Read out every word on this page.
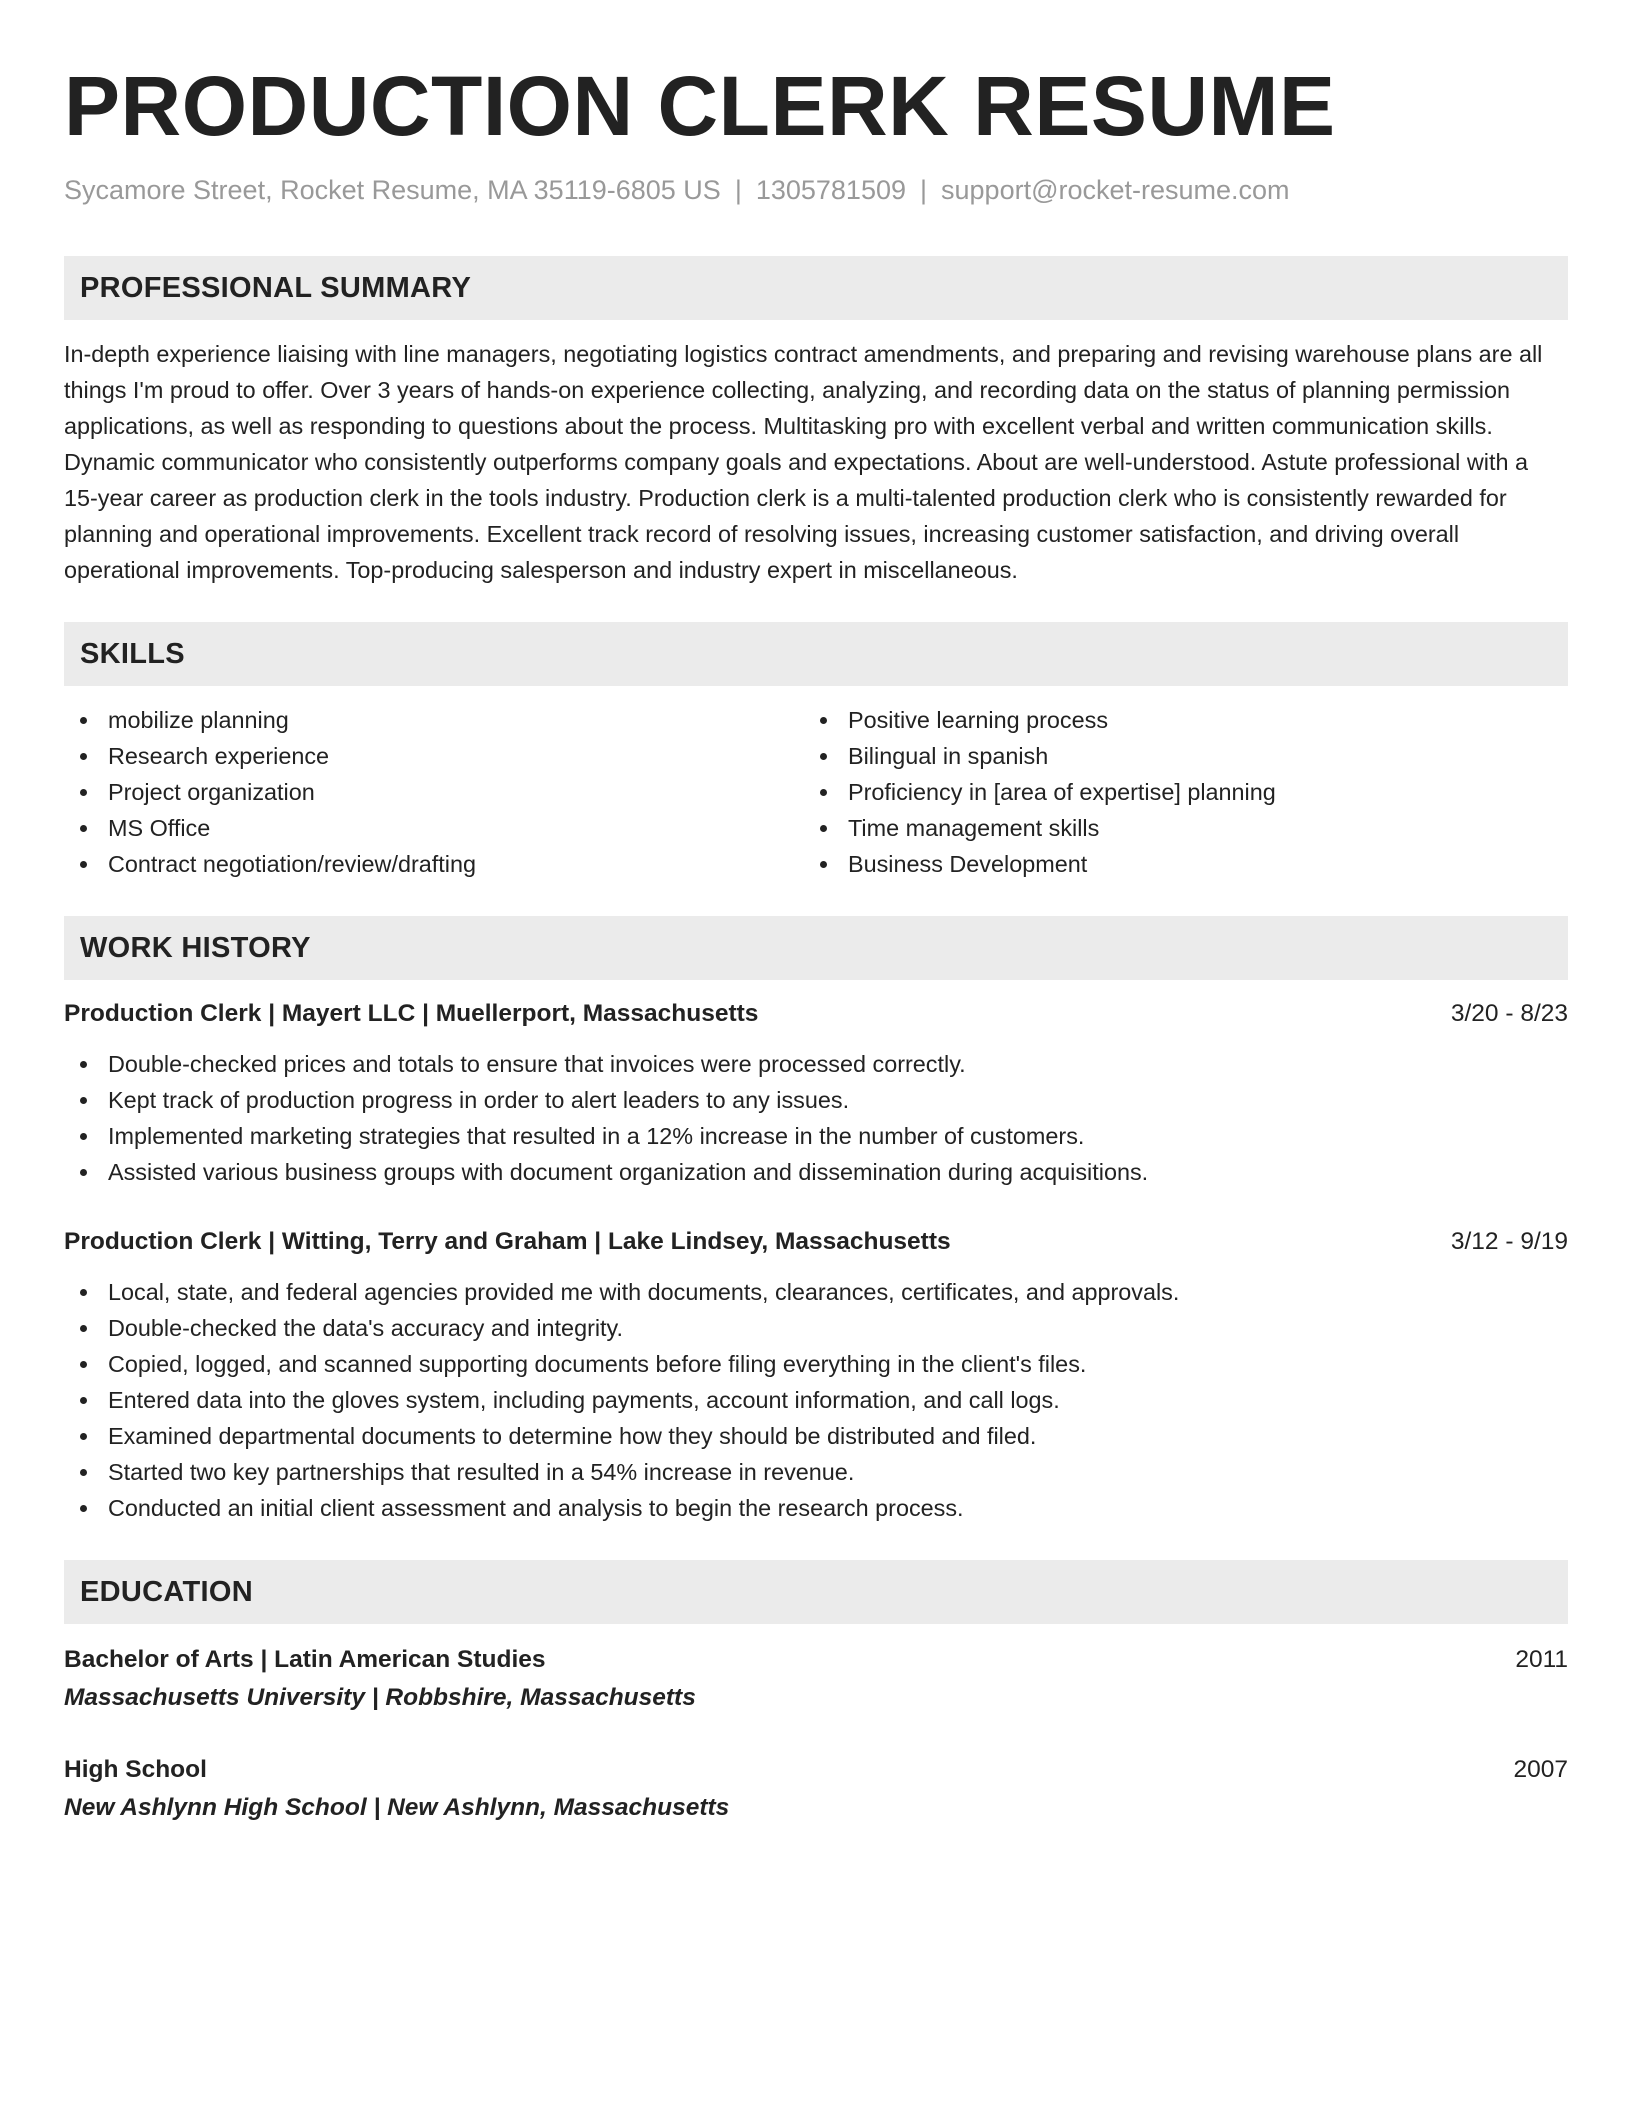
PRODUCTION CLERK RESUME
Sycamore Street, Rocket Resume, MA 35119-6805 US | 1305781509 | support@rocket-resume.com
PROFESSIONAL SUMMARY
In-depth experience liaising with line managers, negotiating logistics contract amendments, and preparing and revising warehouse plans are all things I'm proud to offer. Over 3 years of hands-on experience collecting, analyzing, and recording data on the status of planning permission applications, as well as responding to questions about the process. Multitasking pro with excellent verbal and written communication skills. Dynamic communicator who consistently outperforms company goals and expectations. About are well-understood. Astute professional with a 15-year career as production clerk in the tools industry. Production clerk is a multi-talented production clerk who is consistently rewarded for planning and operational improvements. Excellent track record of resolving issues, increasing customer satisfaction, and driving overall operational improvements. Top-producing salesperson and industry expert in miscellaneous.
SKILLS
mobilize planning
Research experience
Project organization
MS Office
Contract negotiation/review/drafting
Positive learning process
Bilingual in spanish
Proficiency in [area of expertise] planning
Time management skills
Business Development
WORK HISTORY
Production Clerk | Mayert LLC | Muellerport, Massachusetts	3/20 - 8/23
Double-checked prices and totals to ensure that invoices were processed correctly.
Kept track of production progress in order to alert leaders to any issues.
Implemented marketing strategies that resulted in a 12% increase in the number of customers.
Assisted various business groups with document organization and dissemination during acquisitions.
Production Clerk | Witting, Terry and Graham | Lake Lindsey, Massachusetts	3/12 - 9/19
Local, state, and federal agencies provided me with documents, clearances, certificates, and approvals.
Double-checked the data's accuracy and integrity.
Copied, logged, and scanned supporting documents before filing everything in the client's files.
Entered data into the gloves system, including payments, account information, and call logs.
Examined departmental documents to determine how they should be distributed and filed.
Started two key partnerships that resulted in a 54% increase in revenue.
Conducted an initial client assessment and analysis to begin the research process.
EDUCATION
Bachelor of Arts | Latin American Studies	2011
Massachusetts University | Robbshire, Massachusetts
High School	2007
New Ashlynn High School | New Ashlynn, Massachusetts
